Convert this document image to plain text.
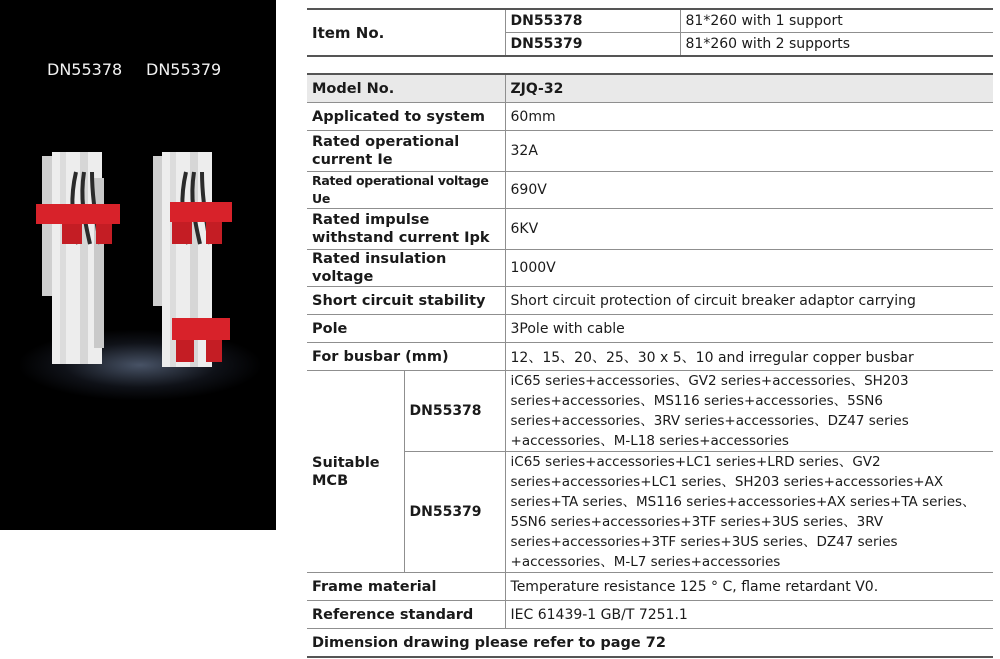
DN55378 DN55379
Item No.	DN55378	81*260 with 1 support
	DN55379	81*260 with 2 supports
Model No.		ZJQ-32
Applicated to system		60mm
Rated operational current Ie		32A
Rated operational voltage Ue		690V
Rated impulse withstand current Ipk		6KV
Rated insulation voltage		1000V
Short circuit stability		Short circuit protection of circuit breaker adaptor carrying
Pole		3Pole with cable
For busbar (mm)		12、15、20、25、30 x 5、10 and irregular copper busbar
Suitable MCB	DN55378	iC65 series+accessories、GV2 series+accessories、SH203 series+accessories、MS116 series+accessories、5SN6 series+accessories、3RV series+accessories、DZ47 series +accessories、M-L18 series+accessories
	DN55379	iC65 series+accessories+LC1 series+LRD series、GV2 series+accessories+LC1 series、SH203 series+accessories+AX series+TA series、MS116 series+accessories+AX series+TA series、5SN6 series+accessories+3TF series+3US series、3RV series+accessories+3TF series+3US series、DZ47 series +accessories、M-L7 series+accessories
Frame material		Temperature resistance 125 ° C, flame retardant V0.
Reference standard		IEC 61439-1 GB/T 7251.1
Dimension drawing please refer to page 72		
